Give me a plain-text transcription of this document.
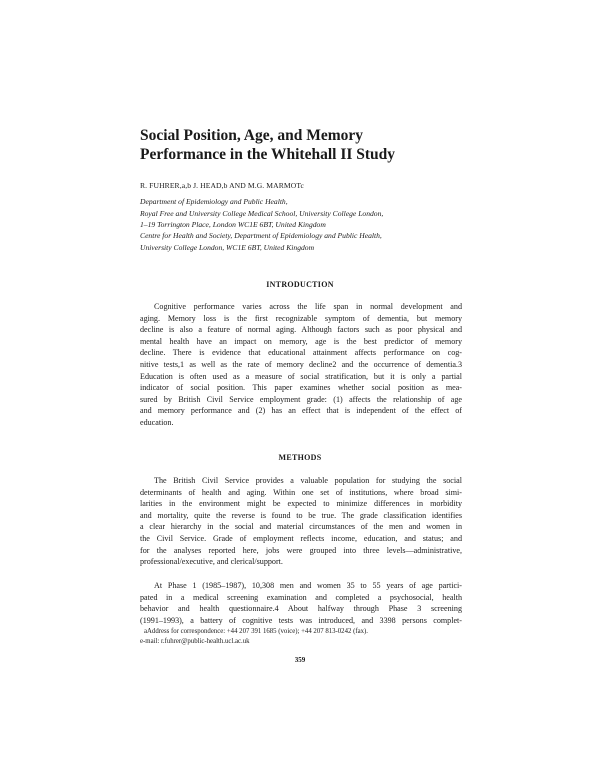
Social Position, Age, and Memory
Performance in the Whitehall II Study
R. FUHRER,a,b J. HEAD,b AND M.G. MARMOTc
Department of Epidemiology and Public Health,
Royal Free and University College Medical School, University College London,
1–19 Torrington Place, London WC1E 6BT, United Kingdom
Centre for Health and Society, Department of Epidemiology and Public Health,
University College London, WC1E 6BT, United Kingdom
INTRODUCTION
Cognitive performance varies across the life span in normal development and
aging. Memory loss is the first recognizable symptom of dementia, but memory
decline is also a feature of normal aging. Although factors such as poor physical and
mental health have an impact on memory, age is the best predictor of memory
decline. There is evidence that educational attainment affects performance on cog-
nitive tests,1 as well as the rate of memory decline2 and the occurrence of dementia.3
Education is often used as a measure of social stratification, but it is only a partial
indicator of social position. This paper examines whether social position as mea-
sured by British Civil Service employment grade: (1) affects the relationship of age
and memory performance and (2) has an effect that is independent of the effect of
education.
METHODS
The British Civil Service provides a valuable population for studying the social
determinants of health and aging. Within one set of institutions, where broad simi-
larities in the environment might be expected to minimize differences in morbidity
and mortality, quite the reverse is found to be true. The grade classification identifies
a clear hierarchy in the social and material circumstances of the men and women in
the Civil Service. Grade of employment reflects income, education, and status; and
for the analyses reported here, jobs were grouped into three levels—administrative,
professional/executive, and clerical/support.
At Phase 1 (1985–1987), 10,308 men and women 35 to 55 years of age partici-
pated in a medical screening examination and completed a psychosocial, health
behavior and health questionnaire.4 About halfway through Phase 3 screening
(1991–1993), a battery of cognitive tests was introduced, and 3398 persons complet-
aAddress for correspondence: +44 207 391 1685 (voice); +44 207 813-0242 (fax).
e-mail: r.fuhrer@public-health.ucl.ac.uk
359
